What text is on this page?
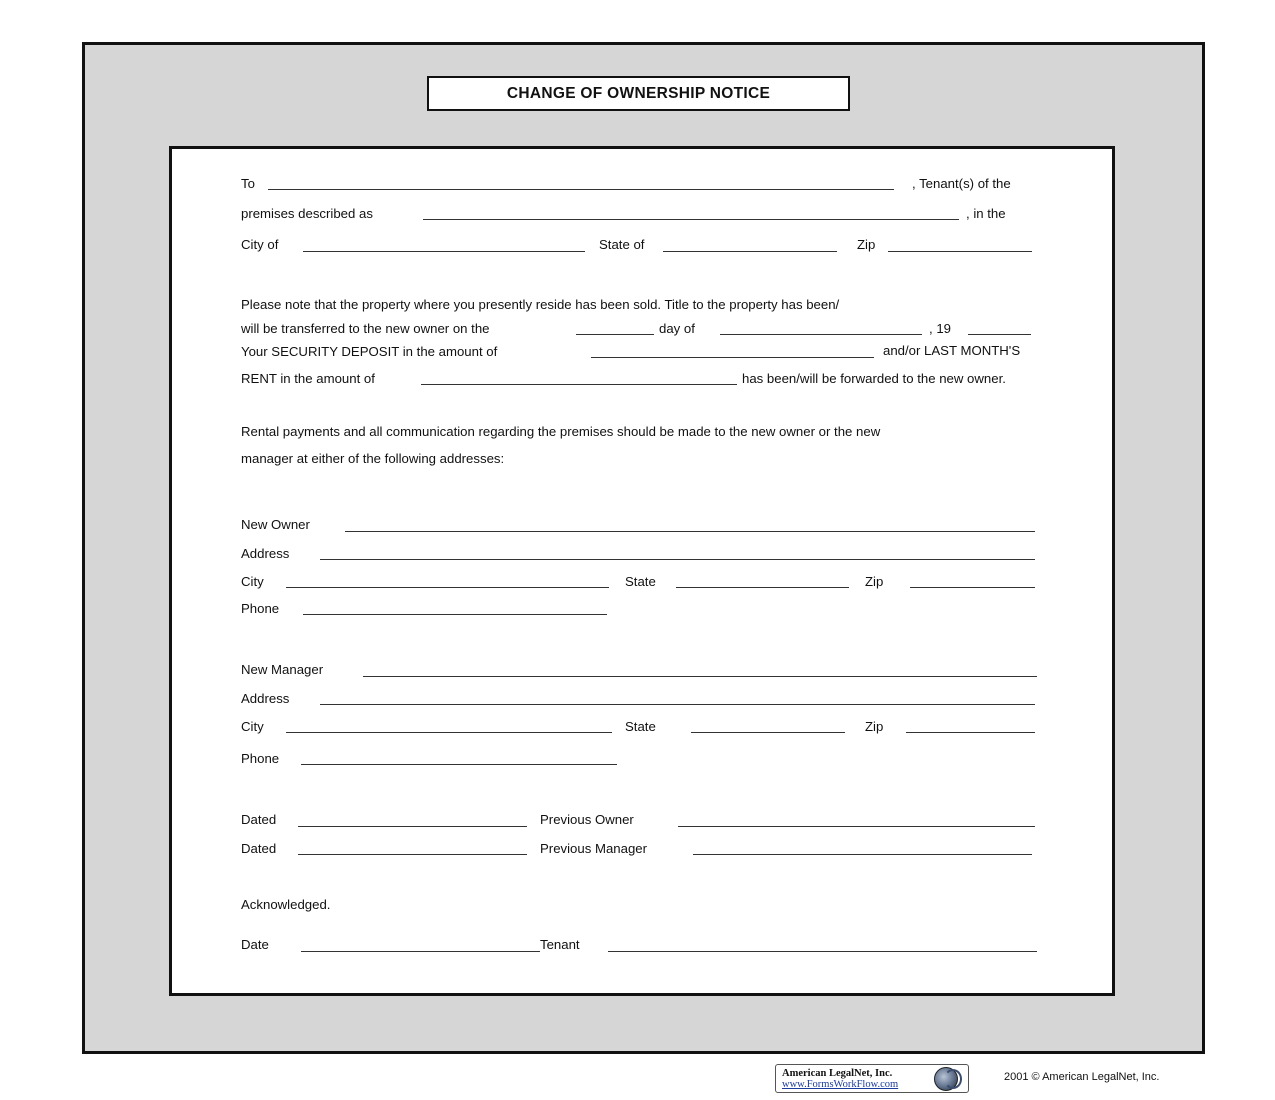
CHANGE OF OWNERSHIP NOTICE
To	, Tenant(s) of the
premises described as	, in the
City of	State of	Zip
Please note that the property where you presently reside has been sold. Title to the property has been/
will be transferred to the new owner on the	day of	, 19
Your SECURITY DEPOSIT in the amount of	and/or LAST MONTH'S
RENT in the amount of	has been/will be forwarded to the new owner.
Rental payments and all communication regarding the premises should be made to the new owner or the new
manager at either of the following addresses:
New Owner
Address
City	State	Zip
Phone
New Manager
Address
City	State	Zip
Phone
Dated	Previous Owner
Dated	Previous Manager
Acknowledged.
Date	Tenant
American LegalNet, Inc.
www.FormsWorkFlow.com
2001 © American LegalNet, Inc.
